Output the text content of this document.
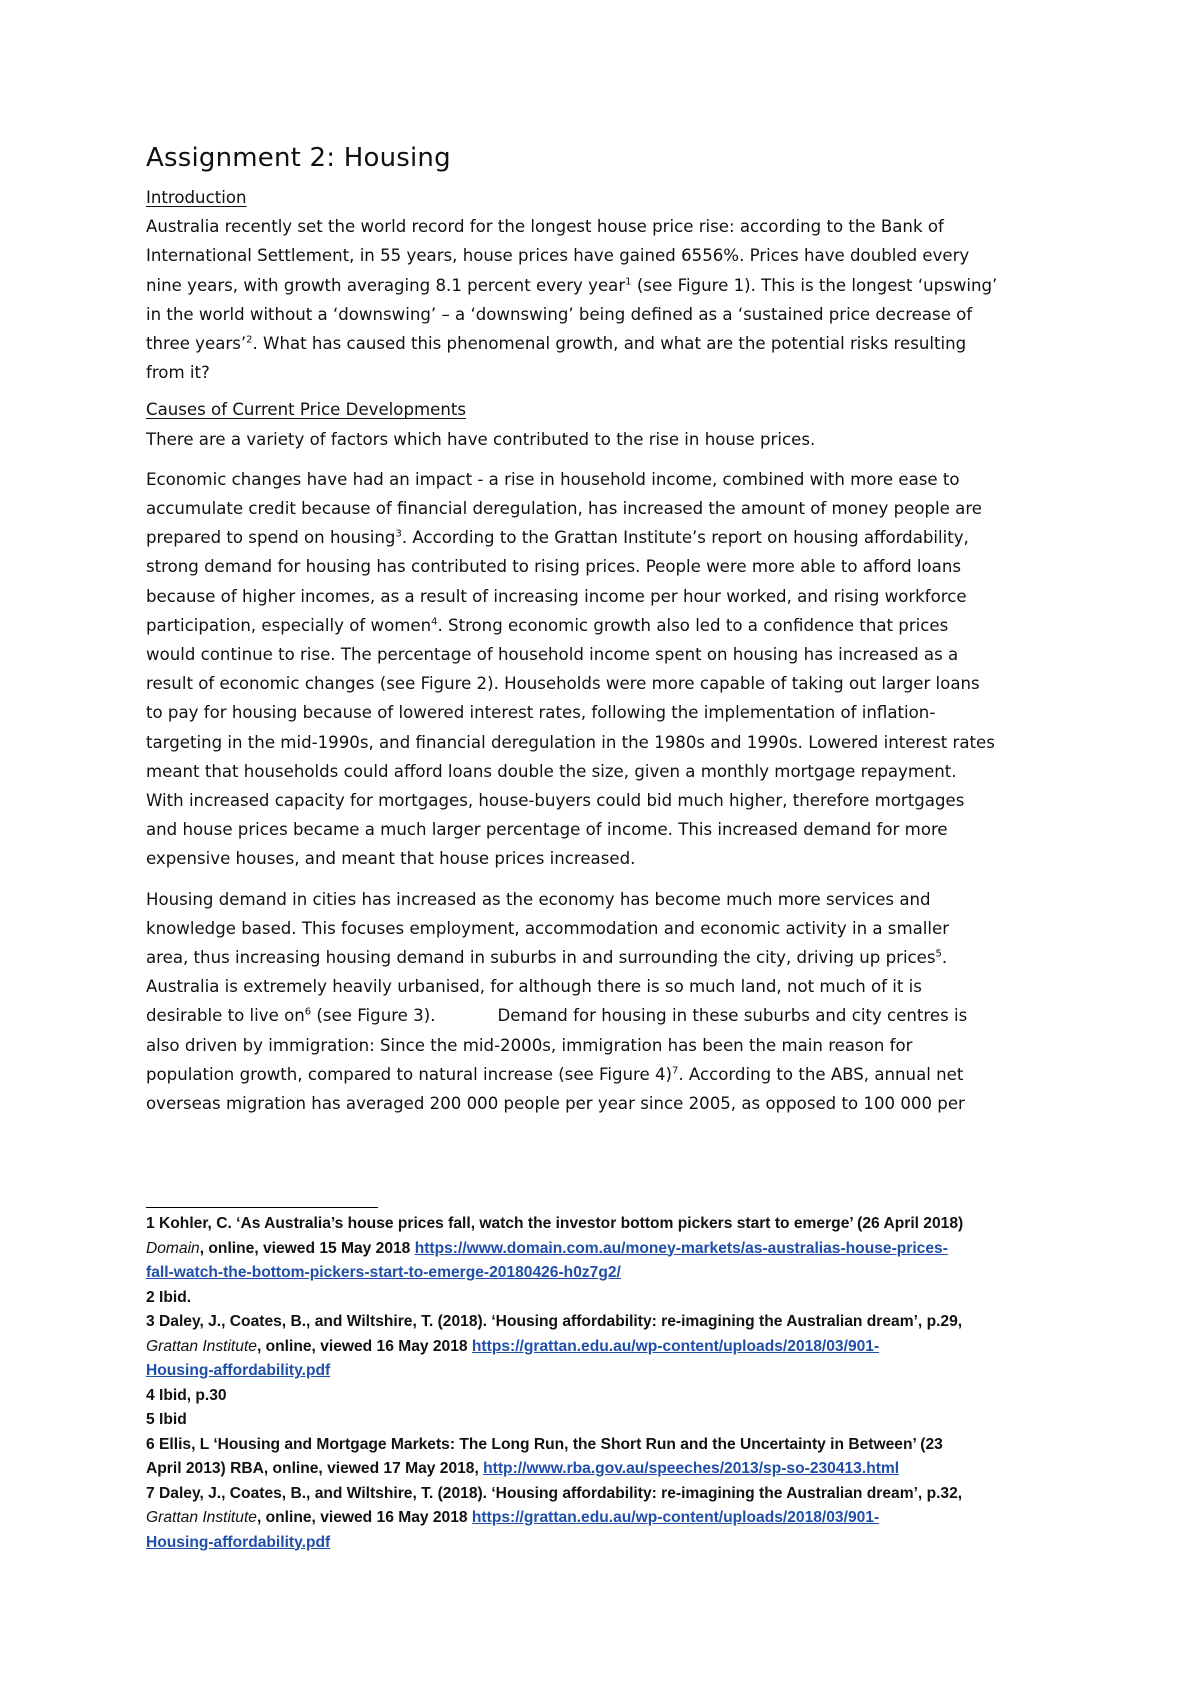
Assignment 2: Housing
Introduction
Australia recently set the world record for the longest house price rise: according to the Bank of
International Settlement, in 55 years, house prices have gained 6556%. Prices have doubled every
nine years, with growth averaging 8.1 percent every year$^1$ (see Figure 1). This is the longest ‘upswing’
in the world without a ‘downswing’ – a ‘downswing’ being defined as a ‘sustained price decrease of
three years’$^2$. What has caused this phenomenal growth, and what are the potential risks resulting
from it?
Causes of Current Price Developments
There are a variety of factors which have contributed to the rise in house prices.
Economic changes have had an impact - a rise in household income, combined with more ease to
accumulate credit because of financial deregulation, has increased the amount of money people are
prepared to spend on housing$^3$. According to the Grattan Institute’s report on housing affordability,
strong demand for housing has contributed to rising prices. People were more able to afford loans
because of higher incomes, as a result of increasing income per hour worked, and rising workforce
participation, especially of women$^4$. Strong economic growth also led to a confidence that prices
would continue to rise. The percentage of household income spent on housing has increased as a
result of economic changes (see Figure 2). Households were more capable of taking out larger loans
to pay for housing because of lowered interest rates, following the implementation of inflation-
targeting in the mid-1990s, and financial deregulation in the 1980s and 1990s. Lowered interest rates
meant that households could afford loans double the size, given a monthly mortgage repayment.
With increased capacity for mortgages, house-buyers could bid much higher, therefore mortgages
and house prices became a much larger percentage of income. This increased demand for more
expensive houses, and meant that house prices increased.
Housing demand in cities has increased as the economy has become much more services and
knowledge based. This focuses employment, accommodation and economic activity in a smaller
area, thus increasing housing demand in suburbs in and surrounding the city, driving up prices$^5$.
Australia is extremely heavily urbanised, for although there is so much land, not much of it is
desirable to live $on^6$ (see Figure 3).	Demand for housing in these suburbs and city centres is
also driven by immigration: Since the mid-2000s, immigration has been the main reason for
population growth, compared to natural increase (see Figure 4)$^7$. According to the ABS, annual net
overseas migration has averaged 200 000 people per year since 2005, as opposed to 100 000 per
1 Kohler, C. ‘As Australia’s house prices fall, watch the investor bottom pickers start to emerge’ (26 April 2018)
Domain, online, viewed 15 May 2018 https://www.domain.com.au/money-markets/as-australias-house-prices-
fall-watch-the-bottom-pickers-start-to-emerge-20180426-h0z7g2/
2 Ibid.
3 Daley, J., Coates, B., and Wiltshire, T. (2018). ‘Housing affordability: re-imagining the Australian dream’, p.29,
Grattan Institute, online, viewed 16 May 2018 https://grattan.edu.au/wp-content/uploads/2018/03/901-
Housing-affordability.pdf
4 Ibid, p.30
5 Ibid
6 Ellis, L ‘Housing and Mortgage Markets: The Long Run, the Short Run and the Uncertainty in Between’ (23
April 2013) RBA, online, viewed 17 May 2018, http://www.rba.gov.au/speeches/2013/sp-so-230413.html
7 Daley, J., Coates, B., and Wiltshire, T. (2018). ‘Housing affordability: re-imagining the Australian dream’, p.32,
Grattan Institute, online, viewed 16 May 2018 https://grattan.edu.au/wp-content/uploads/2018/03/901-
Housing-affordability.pdf
